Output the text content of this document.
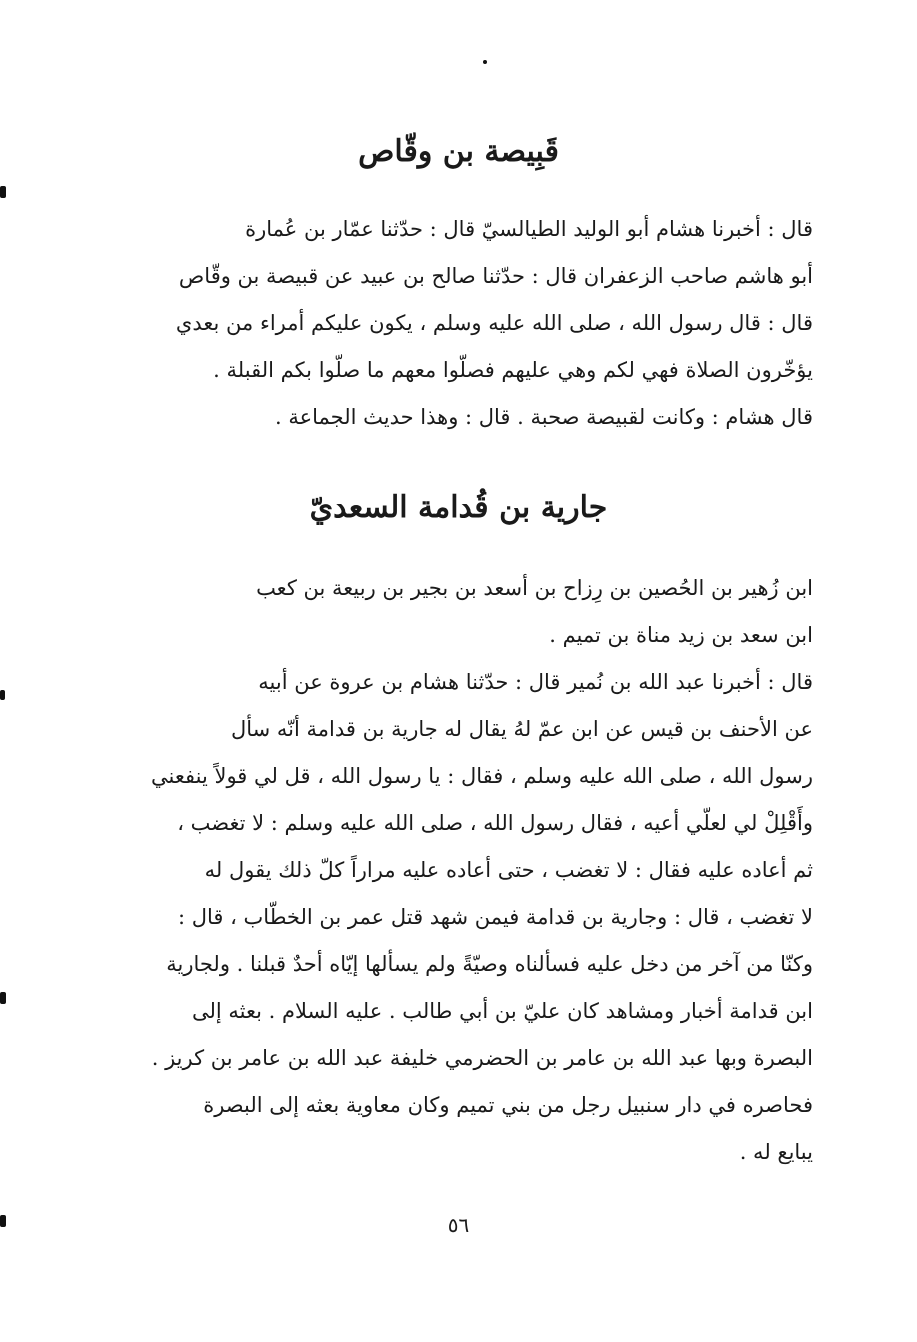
قَبِيصة بن وقّاص
قال : أخبرنا هشام أبو الوليد الطيالسيّ قال : حدّثنا عمّار بن عُمارة
أبو هاشم صاحب الزعفران قال : حدّثنا صالح بن عبيد عن قبيصة بن وقّاص
قال : قال رسول الله ، صلى الله عليه وسلم ، يكون عليكم أمراء من بعدي
يؤخّرون الصلاة فهي لكم وهي عليهم فصلّوا معهم ما صلّوا بكم القبلة .
قال هشام : وكانت لقبيصة صحبة . قال : وهذا حديث الجماعة .
جارية بن قُدامة السعديّ
ابن زُهير بن الحُصين بن رِزاح بن أسعد بن بجير بن ربيعة بن كعب
ابن سعد بن زيد مناة بن تميم .
قال : أخبرنا عبد الله بن نُمير قال : حدّثنا هشام بن عروة عن أبيه
عن الأحنف بن قيس عن ابن عمّ لهُ يقال له جارية بن قدامة أنّه سأل
رسول الله ، صلى الله عليه وسلم ، فقال : يا رسول الله ، قل لي قولاً ينفعني
وأَقْلِلْ لي لعلّي أعيه ، فقال رسول الله ، صلى الله عليه وسلم : لا تغضب ،
ثم أعاده عليه فقال : لا تغضب ، حتى أعاده عليه مراراً كلّ ذلك يقول له
لا تغضب ، قال : وجارية بن قدامة فيمن شهد قتل عمر بن الخطّاب ، قال :
وكنّا من آخر من دخل عليه فسألناه وصيّةً ولم يسألها إيّاه أحدٌ قبلنا . ولجارية
ابن قدامة أخبار ومشاهد كان عليّ بن أبي طالب . عليه السلام . بعثه إلى
البصرة وبها عبد الله بن عامر بن الحضرمي خليفة عبد الله بن عامر بن كريز .
فحاصره في دار سنبيل رجل من بني تميم وكان معاوية بعثه إلى البصرة
يبايع له .
٥٦
